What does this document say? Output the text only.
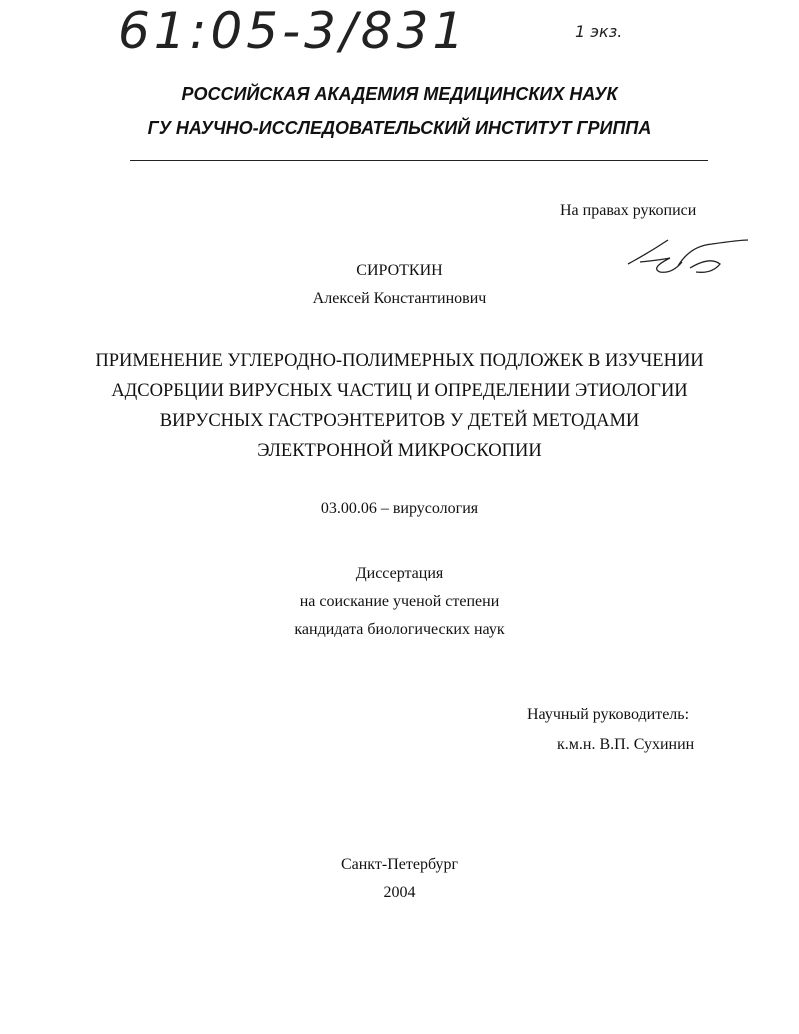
61:05-3/831	1 экз.
РОССИЙСКАЯ АКАДЕМИЯ МЕДИЦИНСКИХ НАУК
ГУ НАУЧНО-ИССЛЕДОВАТЕЛЬСКИЙ ИНСТИТУТ ГРИППА
На правах рукописи
СИРОТКИН
Алексей Константинович
ПРИМЕНЕНИЕ УГЛЕРОДНО-ПОЛИМЕРНЫХ ПОДЛОЖЕК В ИЗУЧЕНИИ
АДСОРБЦИИ ВИРУСНЫХ ЧАСТИЦ И ОПРЕДЕЛЕНИИ ЭТИОЛОГИИ
ВИРУСНЫХ ГАСТРОЭНТЕРИТОВ У ДЕТЕЙ МЕТОДАМИ
ЭЛЕКТРОННОЙ МИКРОСКОПИИ
03.00.06 – вирусология
Диссертация
на соискание ученой степени
кандидата биологических наук
Научный руководитель:
к.м.н. В.П. Сухинин
Санкт-Петербург
2004
